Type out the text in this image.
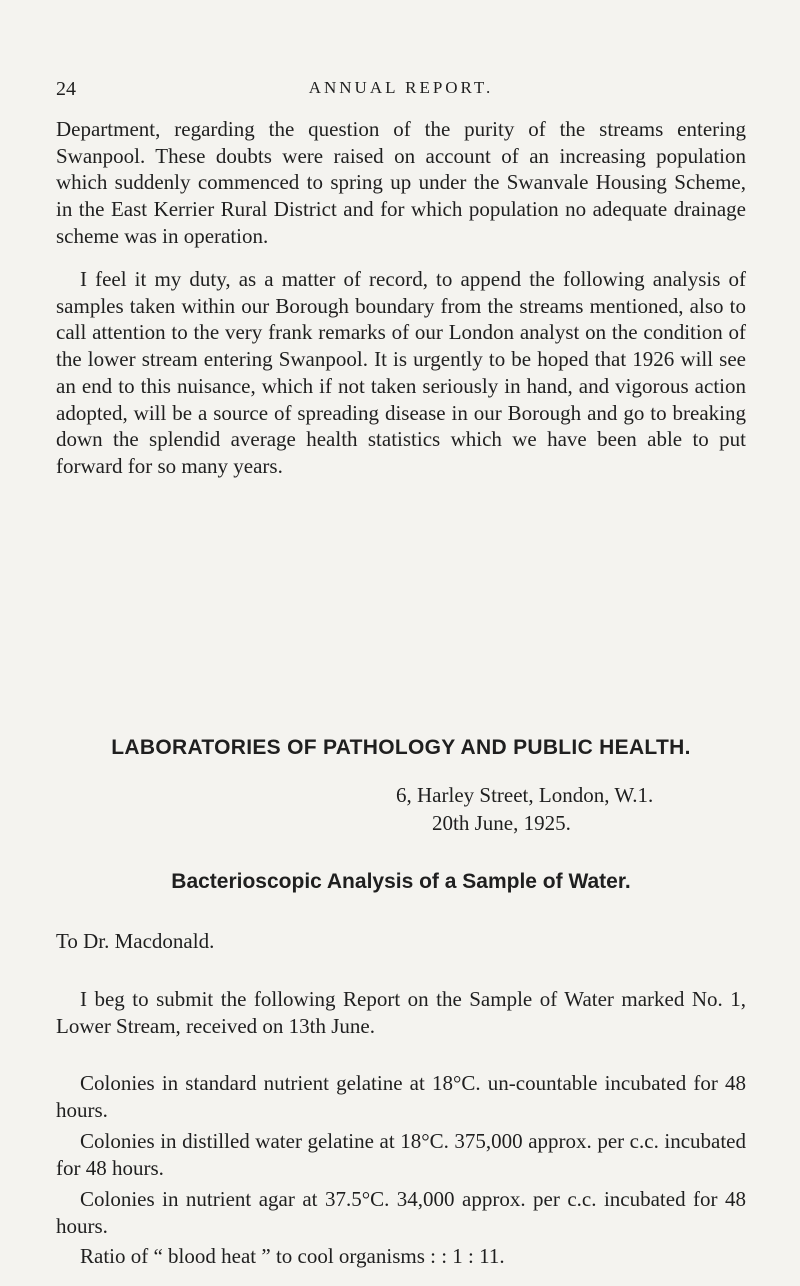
24	ANNUAL REPORT.

Department, regarding the question of the purity of the streams entering Swanpool. These doubts were raised on account of an increasing population which suddenly commenced to spring up under the Swanvale Housing Scheme, in the East Kerrier Rural District and for which population no adequate drainage scheme was in operation.

I feel it my duty, as a matter of record, to append the following analysis of samples taken within our Borough boundary from the streams mentioned, also to call attention to the very frank remarks of our London analyst on the condition of the lower stream entering Swanpool. It is urgently to be hoped that 1926 will see an end to this nuisance, which if not taken seriously in hand, and vigorous action adopted, will be a source of spreading disease in our Borough and go to breaking down the splendid average health statistics which we have been able to put forward for so many years.

LABORATORIES OF PATHOLOGY AND PUBLIC HEALTH.
6, Harley Street, London, W.1.
20th June, 1925.
Bacterioscopic Analysis of a Sample of Water.
To Dr. Macdonald.

I beg to submit the following Report on the Sample of Water marked No. 1, Lower Stream, received on 13th June.

Colonies in standard nutrient gelatine at 18°C. un-countable incubated for 48 hours.

Colonies in distilled water gelatine at 18°C. 375,000 approx. per c.c. incubated for 48 hours.

Colonies in nutrient agar at 37.5°C. 34,000 approx. per c.c. incubated for 48 hours.

Ratio of “ blood heat ” to cool organisms : : 1 : 11.
